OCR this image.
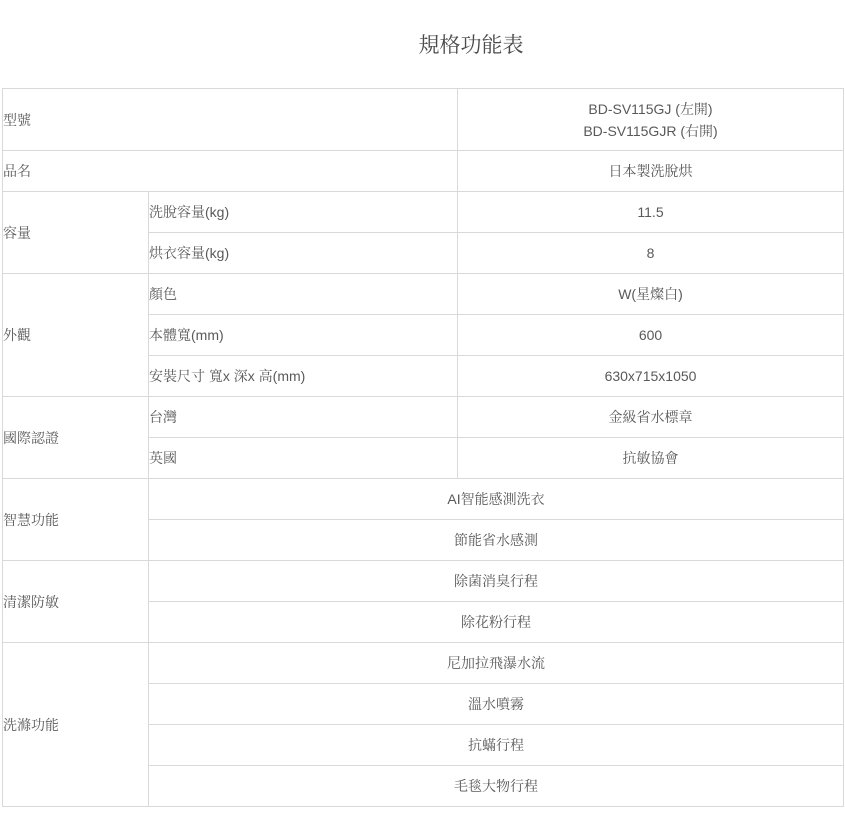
規格功能表
型號		BD-SV115GJ (左開)
BD-SV115GJR (右開)

品名		日本製洗脫烘
容量	洗脫容量(kg)	11.5
	烘衣容量(kg)	8
外觀	顏色	W(星燦白)
	本體寬(mm)	600
	安裝尺寸 寬x 深x 高(mm)	630x715x1050
國際認證	台灣	金級省水標章
	英國	抗敏協會
智慧功能	AI智能感測洗衣	
	節能省水感測	
清潔防敏	除菌消臭行程	
	除花粉行程	
洗滌功能	尼加拉飛瀑水流	
	溫水噴霧	
	抗蟎行程	
	毛毯大物行程	
